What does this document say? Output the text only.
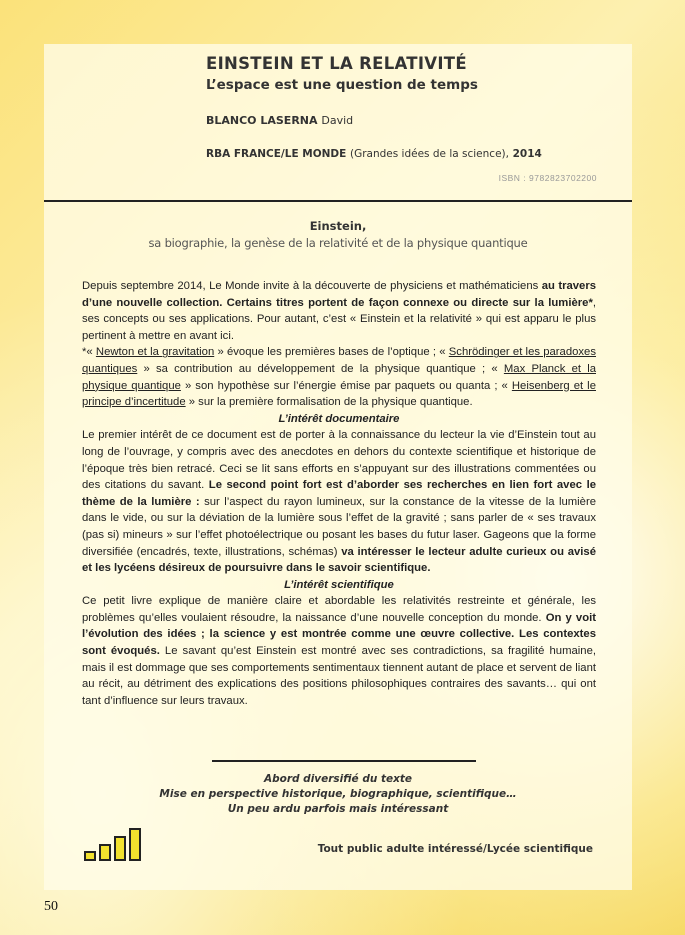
EINSTEIN ET LA RELATIVITÉ
L’espace est une question de temps
BLANCO LASERNA David
RBA FRANCE/LE MONDE (Grandes idées de la science), 2014
ISBN : 9782823702200
Einstein,
sa biographie, la genèse de la relativité et de la physique quantique

Depuis septembre 2014, Le Monde invite à la découverte de physiciens et mathématiciens au travers d’une nouvelle collection. Certains titres portent de façon connexe ou directe sur la lumière*, ses concepts ou ses applications. Pour autant, c’est « Einstein et la relativité » qui est apparu le plus pertinent à mettre en avant ici.

*« Newton et la gravitation » évoque les premières bases de l’optique ; « Schrödinger et les paradoxes quantiques » sa contribution au développement de la physique quantique ; « Max Planck et la physique quantique » son hypothèse sur l’énergie émise par paquets ou quanta ; « Heisenberg et le principe d’incertitude » sur la première formalisation de la physique quantique.

L’intérêt documentaire

Le premier intérêt de ce document est de porter à la connaissance du lecteur la vie d’Einstein tout au long de l’ouvrage, y compris avec des anecdotes en dehors du contexte scientifique et historique de l’époque très bien retracé. Ceci se lit sans efforts en s’appuyant sur des illustrations commentées ou des citations du savant. Le second point fort est d’aborder ses recherches en lien fort avec le thème de la lumière : sur l’aspect du rayon lumineux, sur la constance de la vitesse de la lumière dans le vide, ou sur la déviation de la lumière sous l’effet de la gravité ; sans parler de « ses travaux (pas si) mineurs » sur l’effet photoélectrique ou posant les bases du futur laser. Gageons que la forme diversifiée (encadrés, texte, illustrations, schémas) va intéresser le lecteur adulte curieux ou avisé et les lycéens désireux de poursuivre dans le savoir scientifique.

L’intérêt scientifique

Ce petit livre explique de manière claire et abordable les relativités restreinte et générale, les problèmes qu’elles voulaient résoudre, la naissance d’une nouvelle conception du monde. On y voit l’évolution des idées ; la science y est montrée comme une œuvre collective. Les contextes sont évoqués. Le savant qu’est Einstein est montré avec ses contradictions, sa fragilité humaine, mais il est dommage que ses comportements sentimentaux tiennent autant de place et servent de liant au récit, au détriment des explications des positions philosophiques contraires des savants… qui ont tant d’influence sur leurs travaux.

Abord diversifié du texte
Mise en perspective historique, biographique, scientifique…
Un peu ardu parfois mais intéressant
Tout public adulte intéressé/Lycée scientifique
50
